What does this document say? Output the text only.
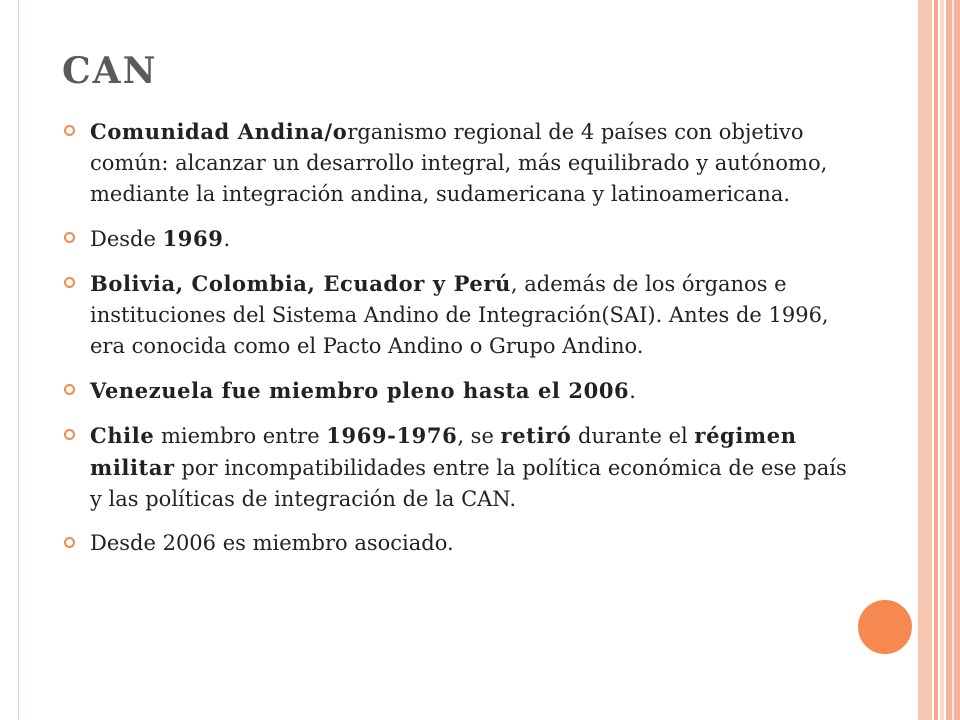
CAN
Comunidad Andina/organismo regional de 4 países con objetivo común: alcanzar un desarrollo integral, más equilibrado y autónomo, mediante la integración andina, sudamericana y latinoamericana.
Desde 1969.
Bolivia, Colombia, Ecuador y Perú, además de los órganos e instituciones del Sistema Andino de Integración(SAI). Antes de 1996, era conocida como el Pacto Andino o Grupo Andino.
Venezuela fue miembro pleno hasta el 2006.
Chile miembro entre 1969-1976, se retiró durante el régimen militar por incompatibilidades entre la política económica de ese país y las políticas de integración de la CAN.
Desde 2006 es miembro asociado.
